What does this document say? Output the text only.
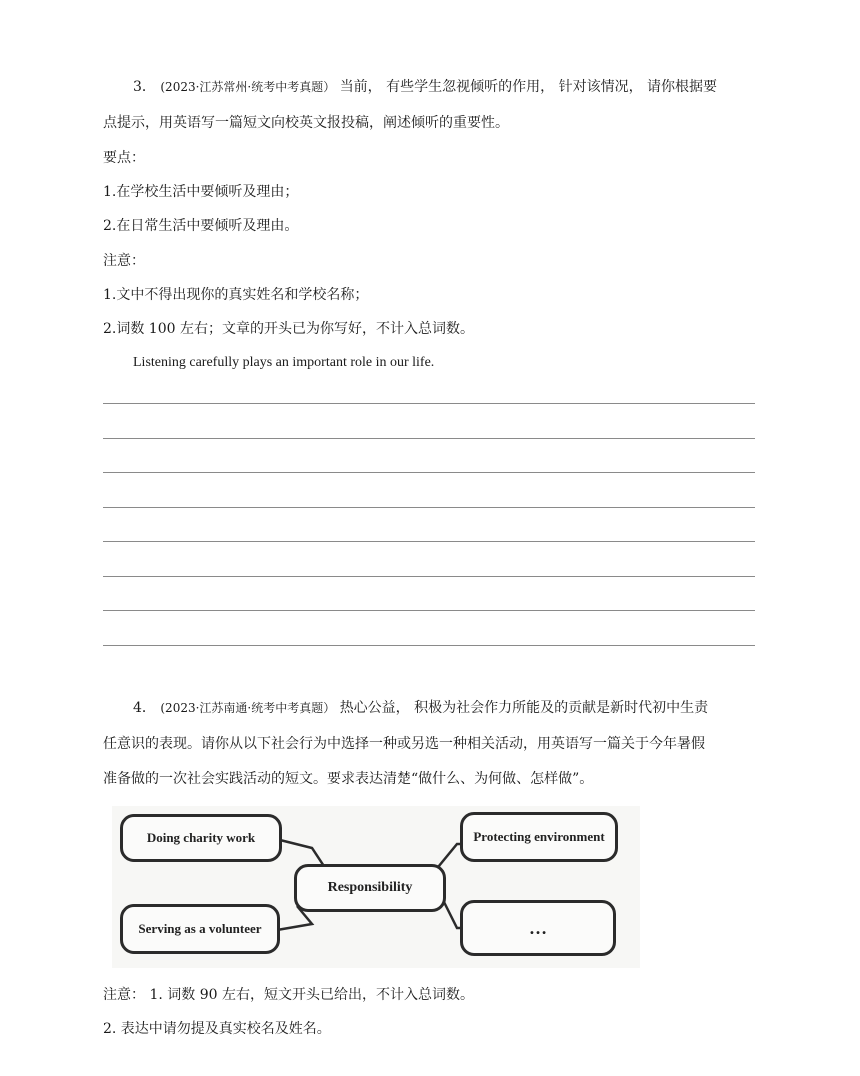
3． (2023·江苏常州·统考中考真题） 当前， 有些学生忽视倾听的作用， 针对该情况， 请你根据要
点提示，用英语写一篇短文向校英文报投稿，阐述倾听的重要性。
要点：
1.在学校生活中要倾听及理由；
2.在日常生活中要倾听及理由。
注意：
1.文中不得出现你的真实姓名和学校名称；
2.词数 100 左右；文章的开头已为你写好，不计入总词数。
Listening carefully plays an important role in our life.
4． (2023·江苏南通·统考中考真题） 热心公益， 积极为社会作力所能及的贡献是新时代初中生责
任意识的表现。请你从以下社会行为中选择一种或另选一种相关活动，用英语写一篇关于今年暑假
准备做的一次社会实践活动的短文。要求表达清楚“做什么、为何做、怎样做”。
Doing charity work	Protecting environment
Responsibility
Serving as a volunteer	…
注意： 1. 词数 90 左右，短文开头已给出，不计入总词数。
2. 表达中请勿提及真实校名及姓名。
